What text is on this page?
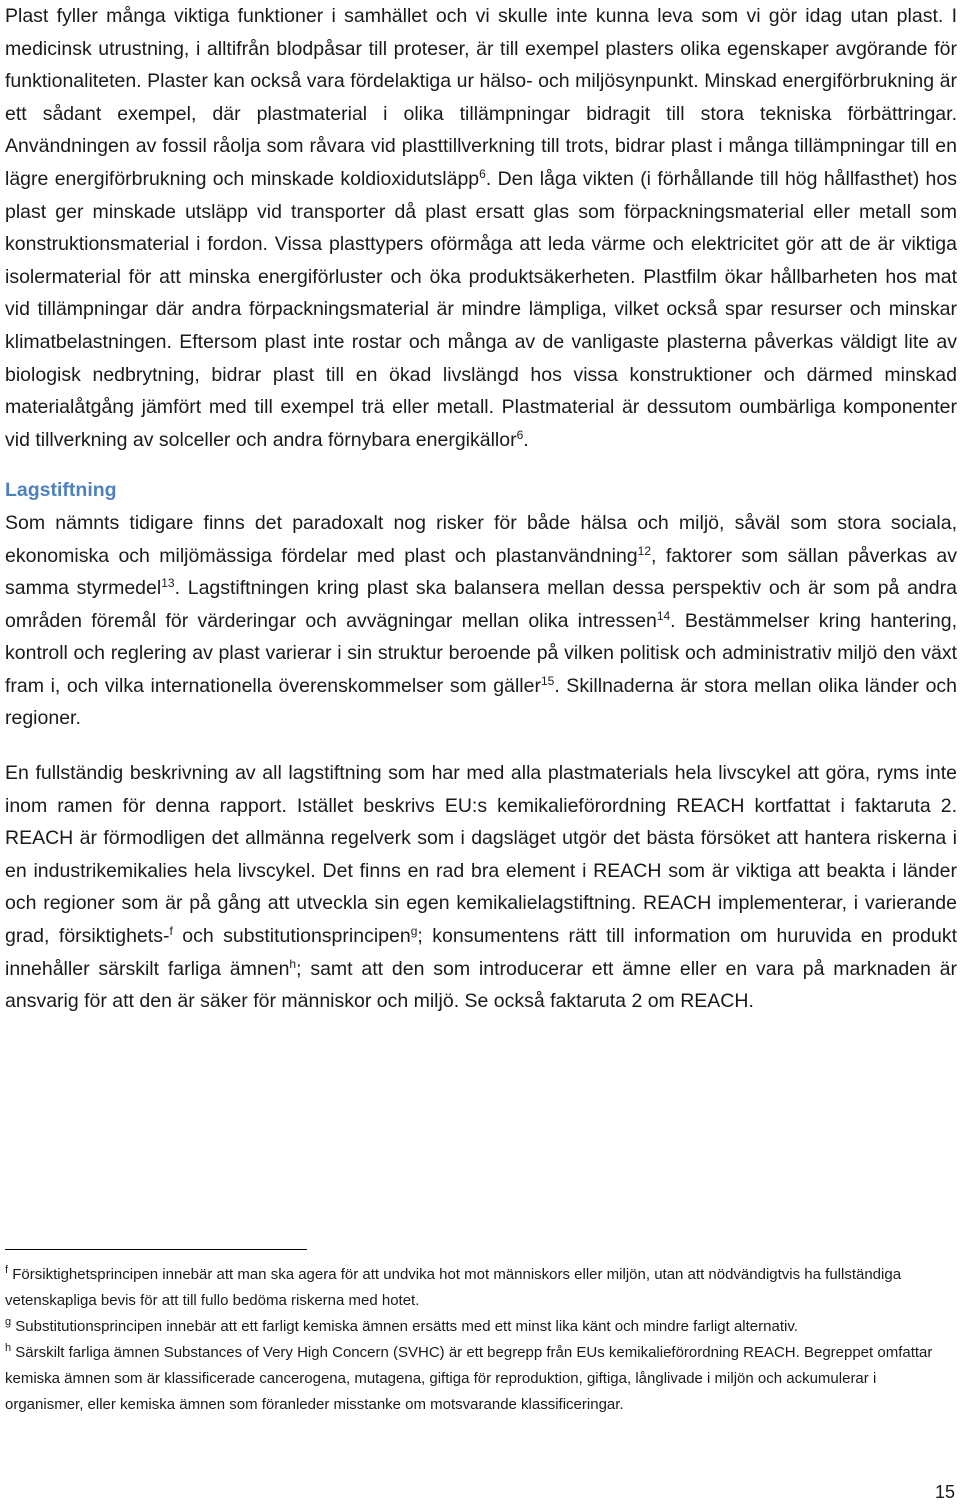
Plast fyller många viktiga funktioner i samhället och vi skulle inte kunna leva som vi gör idag utan plast. I medicinsk utrustning, i alltifrån blodpåsar till proteser, är till exempel plasters olika egenskaper avgörande för funktionaliteten. Plaster kan också vara fördelaktiga ur hälso- och miljösynpunkt. Minskad energiförbrukning är ett sådant exempel, där plastmaterial i olika tillämpningar bidragit till stora tekniska förbättringar. Användningen av fossil råolja som råvara vid plasttillverkning till trots, bidrar plast i många tillämpningar till en lägre energiförbrukning och minskade koldioxidutsläpp$^6$. Den låga vikten (i förhållande till hög hållfasthet) hos plast ger minskade utsläpp vid transporter då plast ersatt glas som förpackningsmaterial eller metall som konstruktionsmaterial i fordon. Vissa plasttypers oförmåga att leda värme och elektricitet gör att de är viktiga isolermaterial för att minska energiförluster och öka produktsäkerheten. Plastfilm ökar hållbarheten hos mat vid tillämpningar där andra förpackningsmaterial är mindre lämpliga, vilket också spar resurser och minskar klimatbelastningen. Eftersom plast inte rostar och många av de vanligaste plasterna påverkas väldigt lite av biologisk nedbrytning, bidrar plast till en ökad livslängd hos vissa konstruktioner och därmed minskad materialåtgång jämfört med till exempel trä eller metall. Plastmaterial är dessutom oumbärliga komponenter vid tillverkning av solceller och andra förnybara energikällor$^6$.

Lagstiftning

Som nämnts tidigare finns det paradoxalt nog risker för både hälsa och miljö, såväl som stora sociala, ekonomiska och miljömässiga fördelar med plast och plastanvändning$^{12}$, faktorer som sällan påverkas av samma styrmedel$^{13}$. Lagstiftningen kring plast ska balansera mellan dessa perspektiv och är som på andra områden föremål för värderingar och avvägningar mellan olika intressen$^{14}$. Bestämmelser kring hantering, kontroll och reglering av plast varierar i sin struktur beroende på vilken politisk och administrativ miljö den växt fram i, och vilka internationella överenskommelser som gäller$^{15}$. Skillnaderna är stora mellan olika länder och regioner.

En fullständig beskrivning av all lagstiftning som har med alla plastmaterials hela livscykel att göra, ryms inte inom ramen för denna rapport. Istället beskrivs EU:s kemikalieförordning REACH kortfattat i faktaruta 2. REACH är förmodligen det allmänna regelverk som i dagsläget utgör det bästa försöket att hantera riskerna i en industrikemikalies hela livscykel. Det finns en rad bra element i REACH som är viktiga att beakta i länder och regioner som är på gång att utveckla sin egen kemikalielagstiftning. REACH implementerar, i varierande grad, försiktighets-$^f$ och substitutionsprincipen$^g$; konsumentens rätt till information om huruvida en produkt innehåller särskilt farliga ämnen$^h$; samt att den som introducerar ett ämne eller en vara på marknaden är ansvarig för att den är säker för människor och miljö. Se också faktaruta 2 om REACH.

$^f$ Försiktighetsprincipen innebär att man ska agera för att undvika hot mot människors eller miljön, utan att nödvändigtvis ha fullständiga vetenskapliga bevis för att till fullo bedöma riskerna med hotet.

$^g$ Substitutionsprincipen innebär att ett farligt kemiska ämnen ersätts med ett minst lika känt och mindre farligt alternativ.

$^h$ Särskilt farliga ämnen Substances of Very High Concern (SVHC) är ett begrepp från EUs kemikalieförordning REACH. Begreppet omfattar kemiska ämnen som är klassificerade cancerogena, mutagena, giftiga för reproduktion, giftiga, långlivade i miljön och ackumulerar i organismer, eller kemiska ämnen som föranleder misstanke om motsvarande klassificeringar.

15
